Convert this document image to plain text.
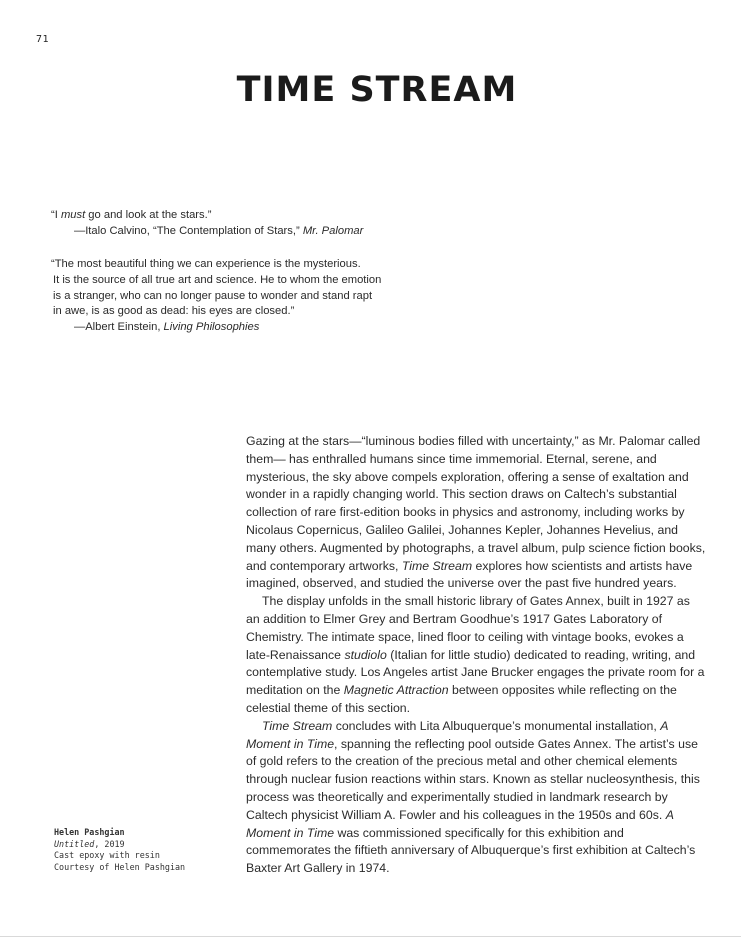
71
TIME STREAM

“I must go and look at the stars.”

—Italo Calvino, “The Contemplation of Stars,” Mr. Palomar

“The most beautiful thing we can experience is the mysterious.
It is the source of all true art and science. He to whom the emotion
is a stranger, who can no longer pause to wonder and stand rapt
in awe, is as good as dead: his eyes are closed.”

—Albert Einstein, Living Philosophies

Gazing at the stars—“luminous bodies filled with uncertainty,” as Mr. Palomar called them— has enthralled humans since time immemorial. Eternal, serene, and mysterious, the sky above compels exploration, offering a sense of exaltation and wonder in a rapidly changing world. This section draws on Caltech’s substantial collection of rare first-edition books in physics and astronomy, including works by Nicolaus Copernicus, Galileo Galilei, Johannes Kepler, Johannes Hevelius, and many others. Augmented by photographs, a travel album, pulp science fiction books, and contemporary artworks, Time Stream explores how scientists and artists have imagined, observed, and studied the universe over the past five hundred years.

The display unfolds in the small historic library of Gates Annex, built in 1927 as an addition to Elmer Grey and Bertram Goodhue’s 1917 Gates Laboratory of Chemistry. The intimate space, lined floor to ceiling with vintage books, evokes a late-Renaissance studiolo (Italian for little studio) dedicated to reading, writing, and contemplative study. Los Angeles artist Jane Brucker engages the private room for a meditation on the Magnetic Attraction between opposites while reflecting on the celestial theme of this section.

Time Stream concludes with Lita Albuquerque’s monumental installation, A Moment in Time, spanning the reflecting pool outside Gates Annex. The artist’s use of gold refers to the creation of the precious metal and other chemical elements through nuclear fusion reactions within stars. Known as stellar nucleosynthesis, this process was theoretically and experimentally studied in landmark research by Caltech physicist William A. Fowler and his colleagues in the 1950s and 60s. A Moment in Time was commissioned specifically for this exhibition and commemorates the fiftieth anniversary of Albuquerque’s first exhibition at Caltech’s Baxter Art Gallery in 1974.

Helen Pashgian
Untitled, 2019
Cast epoxy with resin
Courtesy of Helen Pashgian
